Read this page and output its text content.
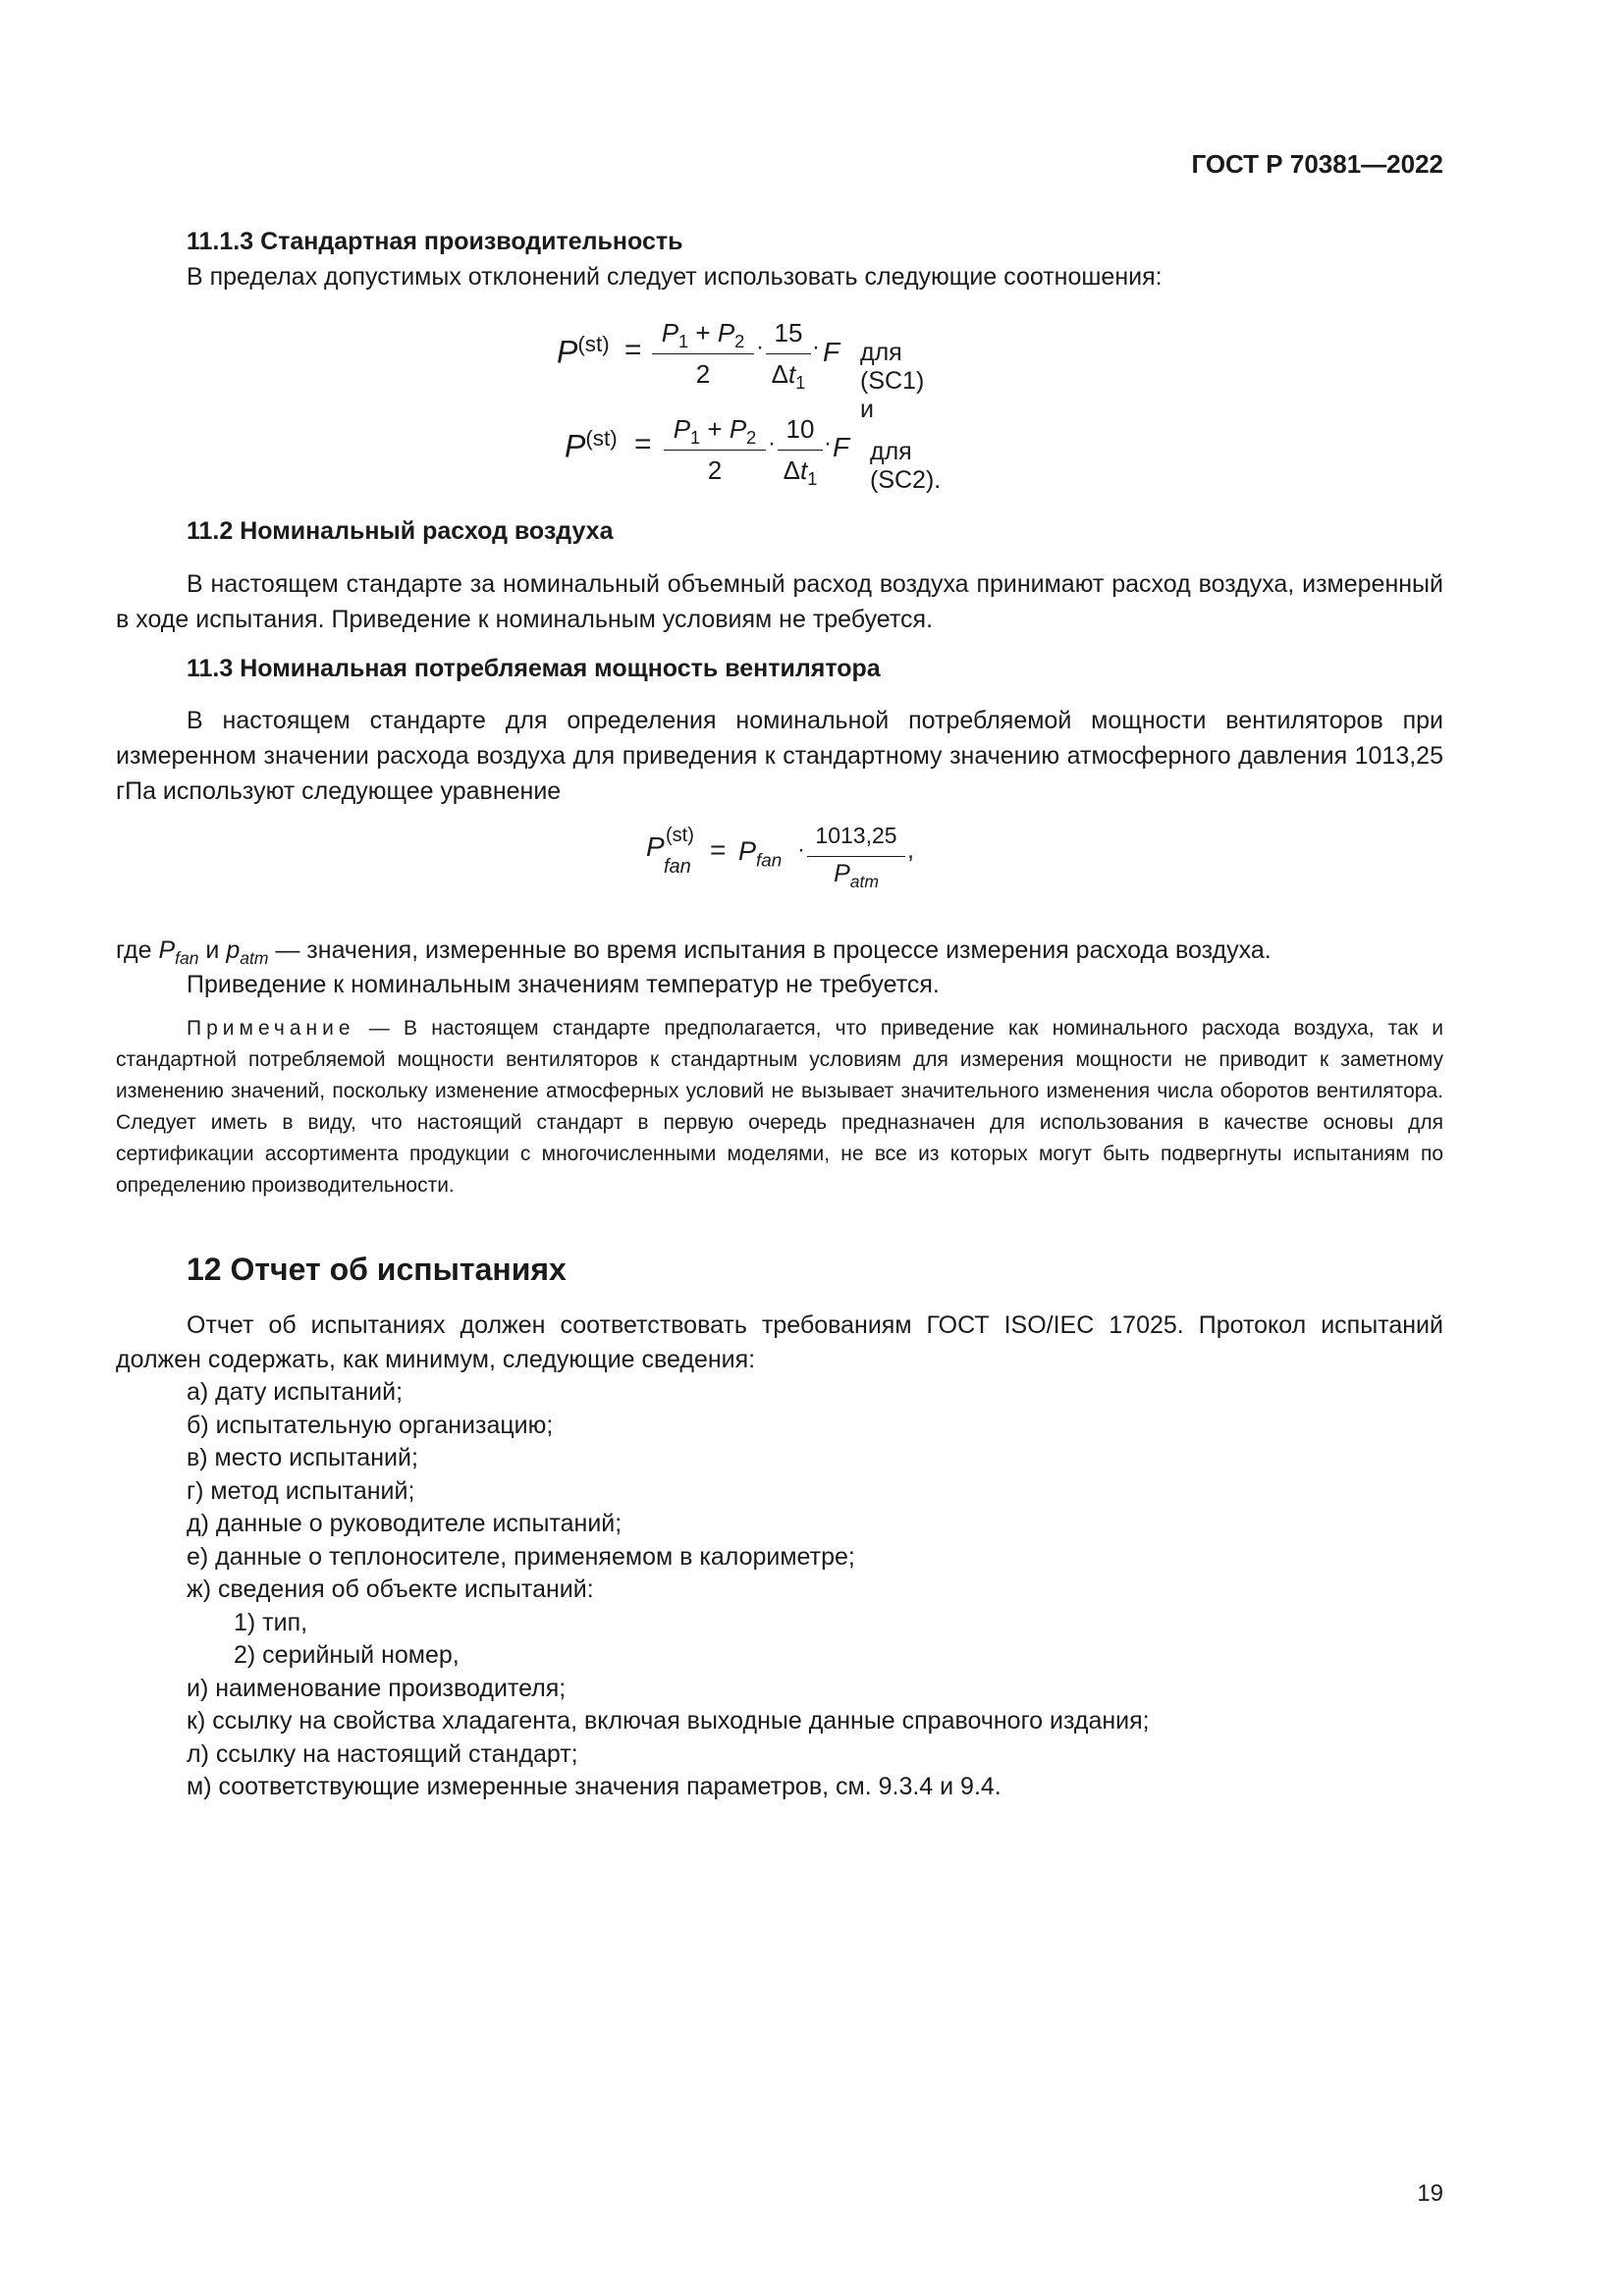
ГОСТ Р 70381—2022
11.1.3 Стандартная производительность
В пределах допустимых отклонений следует использовать следующие соотношения:
$P^{(st)}$ =
$P_1 + P_2$
2
· 15
$\Delta t_1$
· F для (SC1) и
$P^{(st)} = P_1 + P_2$
2
· 10
$\Delta t_1$
· F для (SC2).
11.2 Номинальный расход воздуха
В настоящем стандарте за номинальный объемный расход воздуха принимают расход воздуха, измеренный в ходе испытания. Приведение к номинальным условиям не требуется.
11.3 Номинальная потребляемая мощность вентилятора
В настоящем стандарте для определения номинальной потребляемой мощности вентиляторов при измеренном значении расхода воздуха для приведения к стандартному значению атмосферного давления 1013,25 гПа используют следующее уравнение
P (st)
fan
= $P_{fan}$ ·
1013,25
$P_{atm}$
,
где $P_{fan}$ и $p_{atm}$ — значения, измеренные во время испытания в процессе измерения расхода воздуха.
Приведение к номинальным значениям температур не требуется.
Примечание — В настоящем стандарте предполагается, что приведение как номинального расхода воздуха, так и стандартной потребляемой мощности вентиляторов к стандартным условиям для измерения мощности не приводит к заметному изменению значений, поскольку изменение атмосферных условий не вызывает значительного изменения числа оборотов вентилятора. Следует иметь в виду, что настоящий стандарт в первую очередь предназначен для использования в качестве основы для сертификации ассортимента продукции с многочисленными моделями, не все из которых могут быть подвергнуты испытаниям по определению производительности.
12 Отчет об испытаниях
Отчет об испытаниях должен соответствовать требованиям ГОСТ ISO/IEC 17025. Протокол испытаний должен содержать, как минимум, следующие сведения:
а) дату испытаний;
б) испытательную организацию;
в) место испытаний;
г) метод испытаний;
д) данные о руководителе испытаний;
е) данные о теплоносителе, применяемом в калориметре;
ж) сведения об объекте испытаний:
1) тип,
2) серийный номер,
и) наименование производителя;
к) ссылку на свойства хладагента, включая выходные данные справочного издания;
л) ссылку на настоящий стандарт;
м) соответствующие измеренные значения параметров, см. 9.3.4 и 9.4.
19
